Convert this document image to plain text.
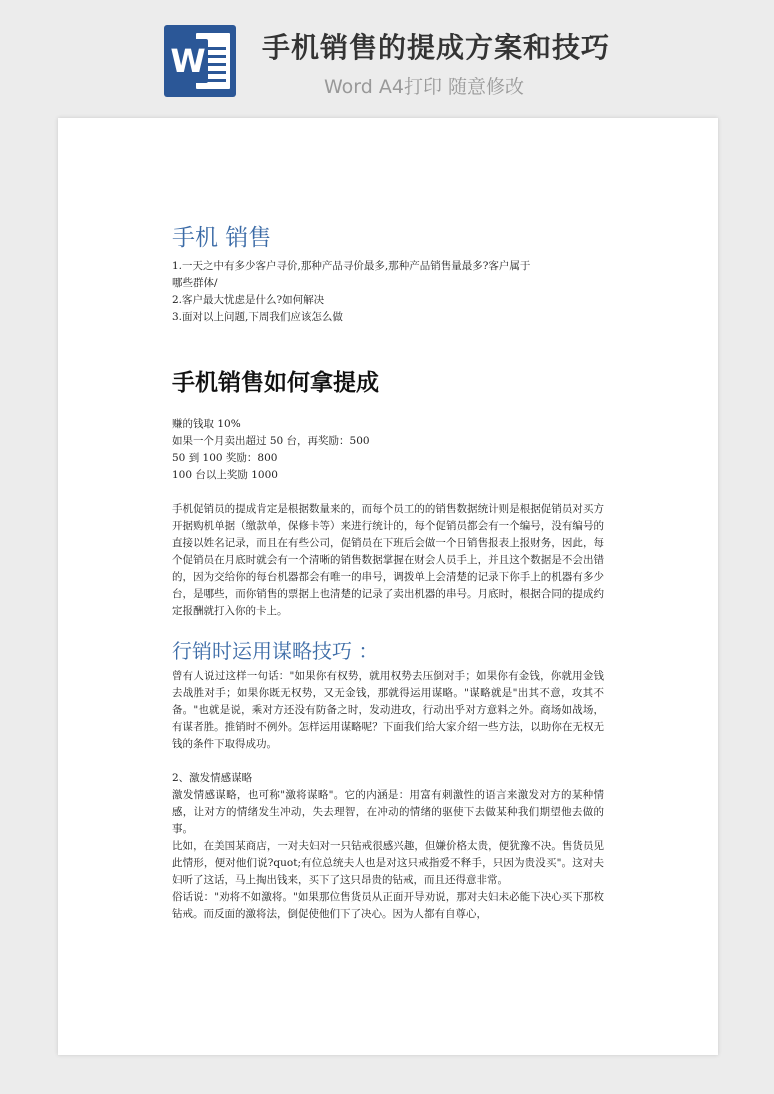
W 手机销售的提成方案和技巧
Word A4打印 随意修改
手机 销售
1.一天之中有多少客户寻价,那种产品寻价最多,那种产品销售量最多?客户属于
哪些群体/
2.客户最大忧虑是什么?如何解决
3.面对以上问题,下周我们应该怎么做
手机销售如何拿提成
赚的钱取 10%
如果一个月卖出超过 50 台，再奖励：500
50 到 100 奖励：800
100 台以上奖励 1000

手机促销员的提成肯定是根据数量来的，而每个员工的的销售数据统计则是根据促销员对买方开据购机单据（缴款单，保修卡等）来进行统计的，每个促销员都会有一个编号，没有编号的直接以姓名记录，而且在有些公司，促销员在下班后会做一个日销售报表上报财务，因此，每个促销员在月底时就会有一个清晰的销售数据掌握在财会人员手上，并且这个数据是不会出错的，因为交给你的每台机器都会有唯一的串号，调拨单上会清楚的记录下你手上的机器有多少台，是哪些，而你销售的票据上也清楚的记录了卖出机器的串号。月底时，根据合同的提成约定报酬就打入你的卡上。

行销时运用谋略技巧 ：

曾有人说过这样一句话："如果你有权势，就用权势去压倒对手；如果你有金钱，你就用金钱去战胜对手；如果你既无权势，又无金钱，那就得运用谋略。"谋略就是"出其不意，攻其不备。"也就是说，乘对方还没有防备之时，发动进攻，行动出乎对方意料之外。商场如战场，有谋者胜。推销时不例外。怎样运用谋略呢？下面我们给大家介绍一些方法，以助你在无权无钱的条件下取得成功。

2、激发情感谋略

激发情感谋略，也可称"激将谋略"。它的内涵是：用富有刺激性的语言来激发对方的某种情感，让对方的情绪发生冲动，失去理智，在冲动的情绪的驱使下去做某种我们期望他去做的事。

比如，在美国某商店，一对夫妇对一只钻戒很感兴趣，但嫌价格太贵，便犹豫不决。售货员见此情形，便对他们说?quot;有位总统夫人也是对这只戒指爱不释手，只因为贵没买"。这对夫妇听了这话，马上掏出钱来，买下了这只昂贵的钻戒，而且还得意非常。

俗话说："劝将不如激将。"如果那位售货员从正面开导劝说，那对夫妇未必能下决心买下那枚钻戒。而反面的激将法，倒促使他们下了决心。因为人都有自尊心，
